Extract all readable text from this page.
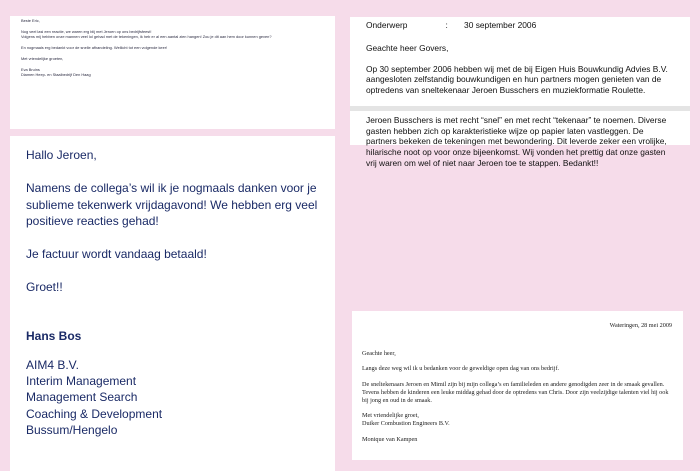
Beste Eric,

Nog veel lasi een reactie, we waren erg blij met Jeroen op ons bedrijfsfeest!
Volgens mij hebben onze mannen veel lol gehad met de tekeningen, ik heb er al een aantal zien hangen! Zou je dit aan hem door kunnen geven?

En nogmaals erg bedankt voor de snelle afhandeling. Wellicht tot een volgende keer!

Met vriendelijke groeten,

Eva Bruins
Diamen Heep- en Staalbedrijf Den Haag

Hallo Jeroen,

Namens de collega’s wil ik je nogmaals danken voor je sublieme tekenwerk vrijdagavond! We hebben erg veel positieve reacties gehad!

Je factuur wordt vandaag betaald!

Groet!!

Hans Bos
AIM4 B.V.
Interim Management
Management Search
Coaching & Development
Bussum/Hengelo
Onderwerp	:       30 september 2006

Geachte heer Govers,

Op 30 september 2006 hebben wij met de bij Eigen Huis Bouwkundig Advies B.V. aangesloten zelfstandig bouwkundigen en hun partners mogen genieten van de optredens van sneltekenaar Jeroen Busschers en muziekformatie Roulette.

Jeroen Busschers is met recht “snel” en met recht “tekenaar” te noemen. Diverse gasten hebben zich op karakteristieke wijze op papier laten vastleggen. De partners bekeken de tekeningen met bewondering. Dit leverde zeker een vrolijke, hilarische noot op voor onze bijeenkomst. Wij vonden het prettig dat onze gasten vrij waren om wel of niet naar Jeroen toe te stappen. Bedankt!!

Wateringen, 28 mei 2009

Geachte heer,

Langs deze weg wil ik u bedanken voor de geweldige open dag van ons bedrijf.

De sneltekenaars Jeroen en Mimil zijn bij mijn collega’s en familieleden en andere genodigden zeer in de smaak gevallen. Tevens hebben de kinderen een leuke middag gehad door de optredens van Chris. Door zijn veelzijdige talenten viel hij ook bij jong en oud in de smaak.

Met vriendelijke groet,
Duiker Combustion Engineers B.V.

Monique van Kampen
